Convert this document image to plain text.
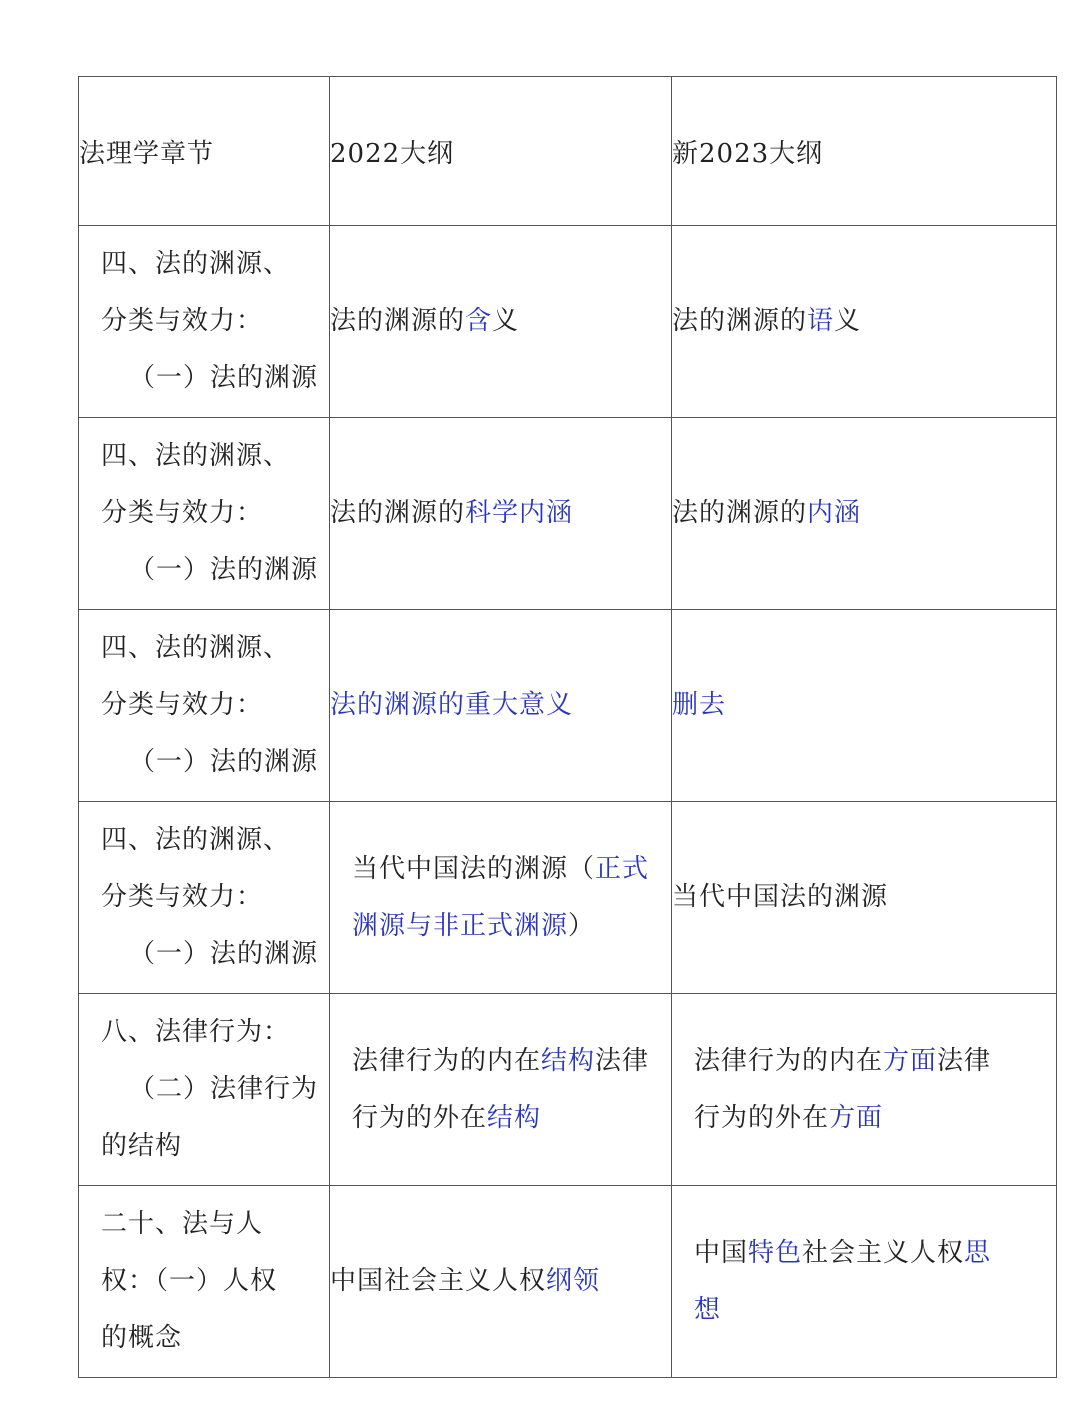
法理学章节	2022大纲	新2023大纲

四、法的渊源、
分类与效力：
（一）法的渊源	法的渊源的含义	法的渊源的语义

四、法的渊源、
分类与效力：
（一）法的渊源	法的渊源的科学内涵	法的渊源的内涵

四、法的渊源、
分类与效力：
（一）法的渊源	法的渊源的重大意义	删去

四、法的渊源、
分类与效力：
（一）法的渊源	当代中国法的渊源（正式渊源与非正式渊源）	当代中国法的渊源

八、法律行为：
（二）法律行为
的结构	法律行为的内在结构法律行为的外在结构	法律行为的内在方面法律行为的外在方面

二十、法与人
权：（一）人权
的概念	中国社会主义人权纲领	中国特色社会主义人权思想
